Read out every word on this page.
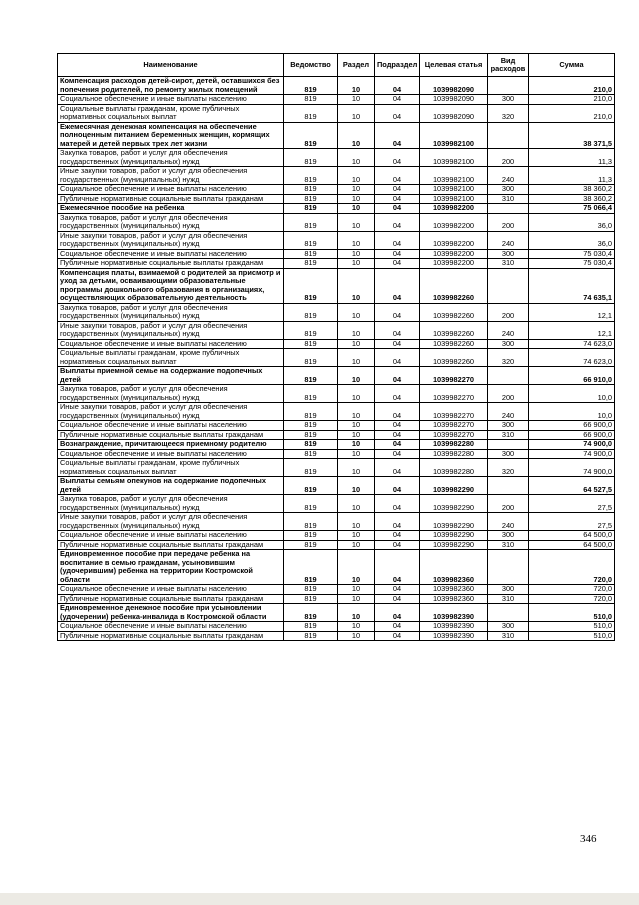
Наименование	Ведомство	Раздел	Подраздел	Целевая статья	Вид расходов	Сумма
Компенсация расходов детей-сирот, детей, оставшихся без попечения родителей, по ремонту жилых помещений	819	10	04	1039982090		210,0
Социальное обеспечение и иные выплаты населению	819	10	04	1039982090	300	210,0
Социальные выплаты гражданам, кроме публичных нормативных социальных выплат	819	10	04	1039982090	320	210,0
Ежемесячная денежная компенсация на обеспечение полноценным питанием беременных женщин, кормящих матерей и детей первых трех лет жизни	819	10	04	1039982100		38 371,5
Закупка товаров, работ и услуг для обеспечения государственных (муниципальных) нужд	819	10	04	1039982100	200	11,3
Иные закупки товаров, работ и услуг для обеспечения государственных (муниципальных) нужд	819	10	04	1039982100	240	11,3
Социальное обеспечение и иные выплаты населению	819	10	04	1039982100	300	38 360,2
Публичные нормативные социальные выплаты гражданам	819	10	04	1039982100	310	38 360,2
Ежемесячное пособие на ребенка	819	10	04	1039982200		75 066,4
Закупка товаров, работ и услуг для обеспечения государственных (муниципальных) нужд	819	10	04	1039982200	200	36,0
Иные закупки товаров, работ и услуг для обеспечения государственных (муниципальных) нужд	819	10	04	1039982200	240	36,0
Социальное обеспечение и иные выплаты населению	819	10	04	1039982200	300	75 030,4
Публичные нормативные социальные выплаты гражданам	819	10	04	1039982200	310	75 030,4
Компенсация платы, взимаемой с родителей за присмотр и уход за детьми, осваивающими образовательные программы дошкольного образования в организациях, осуществляющих образовательную деятельность	819	10	04	1039982260		74 635,1
Закупка товаров, работ и услуг для обеспечения государственных (муниципальных) нужд	819	10	04	1039982260	200	12,1
Иные закупки товаров, работ и услуг для обеспечения государственных (муниципальных) нужд	819	10	04	1039982260	240	12,1
Социальное обеспечение и иные выплаты населению	819	10	04	1039982260	300	74 623,0
Социальные выплаты гражданам, кроме публичных нормативных социальных выплат	819	10	04	1039982260	320	74 623,0
Выплаты приемной семье на содержание подопечных детей	819	10	04	1039982270		66 910,0
Закупка товаров, работ и услуг для обеспечения государственных (муниципальных) нужд	819	10	04	1039982270	200	10,0
Иные закупки товаров, работ и услуг для обеспечения государственных (муниципальных) нужд	819	10	04	1039982270	240	10,0
Социальное обеспечение и иные выплаты населению	819	10	04	1039982270	300	66 900,0
Публичные нормативные социальные выплаты гражданам	819	10	04	1039982270	310	66 900,0
Вознаграждение, причитающееся приемному родителю	819	10	04	1039982280		74 900,0
Социальное обеспечение и иные выплаты населению	819	10	04	1039982280	300	74 900,0
Социальные выплаты гражданам, кроме публичных нормативных социальных выплат	819	10	04	1039982280	320	74 900,0
Выплаты семьям опекунов на содержание подопечных детей	819	10	04	1039982290		64 527,5
Закупка товаров, работ и услуг для обеспечения государственных (муниципальных) нужд	819	10	04	1039982290	200	27,5
Иные закупки товаров, работ и услуг для обеспечения государственных (муниципальных) нужд	819	10	04	1039982290	240	27,5
Социальное обеспечение и иные выплаты населению	819	10	04	1039982290	300	64 500,0
Публичные нормативные социальные выплаты гражданам	819	10	04	1039982290	310	64 500,0
Единовременное пособие при передаче ребенка на воспитание в семью гражданам, усыновившим (удочерившим) ребенка на территории Костромской области	819	10	04	1039982360		720,0
Социальное обеспечение и иные выплаты населению	819	10	04	1039982360	300	720,0
Публичные нормативные социальные выплаты гражданам	819	10	04	1039982360	310	720,0
Единовременное денежное пособие при усыновлении (удочерении) ребенка-инвалида в Костромской области	819	10	04	1039982390		510,0
Социальное обеспечение и иные выплаты населению	819	10	04	1039982390	300	510,0
Публичные нормативные социальные выплаты гражданам	819	10	04	1039982390	310	510,0
346
